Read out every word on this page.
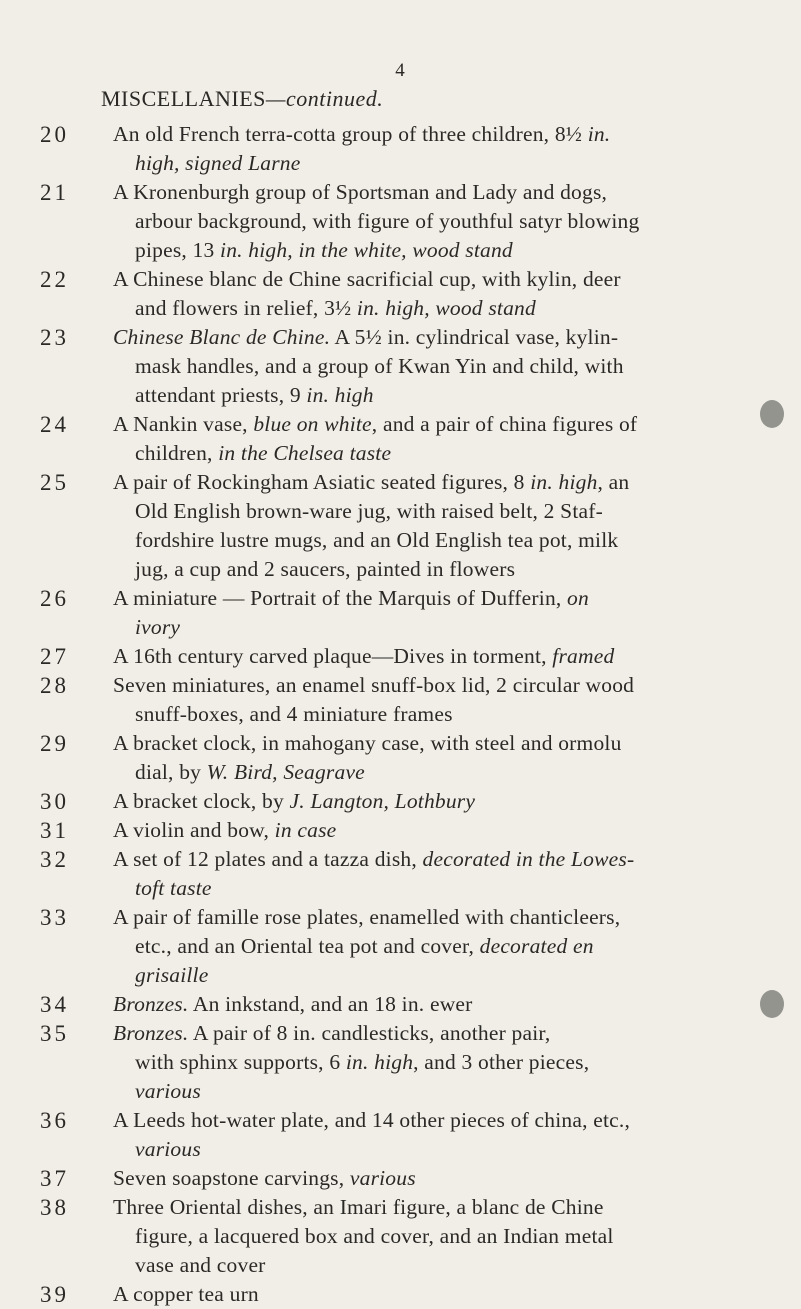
4
MISCELLANIES—continued.
20	An old French terra-cotta group of three children, 8½ in.
high, signed Larne
21	A Kronenburgh group of Sportsman and Lady and dogs,
arbour background, with figure of youthful satyr blowing
pipes, 13 in. high, in the white, wood stand
22	A Chinese blanc de Chine sacrificial cup, with kylin, deer
and flowers in relief, 3½ in. high, wood stand
23	Chinese Blanc de Chine. A 5½ in. cylindrical vase, kylin-
mask handles, and a group of Kwan Yin and child, with
attendant priests, 9 in. high
24	A Nankin vase, blue on white, and a pair of china figures of
children, in the Chelsea taste
25	A pair of Rockingham Asiatic seated figures, 8 in. high, an
Old English brown-ware jug, with raised belt, 2 Staf-
fordshire lustre mugs, and an Old English tea pot, milk
jug, a cup and 2 saucers, painted in flowers
26	A miniature — Portrait of the Marquis of Dufferin, on
ivory
27	A 16th century carved plaque—Dives in torment, framed
28	Seven miniatures, an enamel snuff-box lid, 2 circular wood
snuff-boxes, and 4 miniature frames
29	A bracket clock, in mahogany case, with steel and ormolu
dial, by W. Bird, Seagrave
30	A bracket clock, by J. Langton, Lothbury
31	A violin and bow, in case
32	A set of 12 plates and a tazza dish, decorated in the Lowes-
toft taste
33	A pair of famille rose plates, enamelled with chanticleers,
etc., and an Oriental tea pot and cover, decorated en
grisaille
34	Bronzes. An inkstand, and an 18 in. ewer
35	Bronzes. A pair of 8 in. candlesticks, another pair,
with sphinx supports, 6 in. high, and 3 other pieces,
various
36	A Leeds hot-water plate, and 14 other pieces of china, etc.,
various
37	Seven soapstone carvings, various
38	Three Oriental dishes, an Imari figure, a blanc de Chine
figure, a lacquered box and cover, and an Indian metal
vase and cover
39	A copper tea urn
